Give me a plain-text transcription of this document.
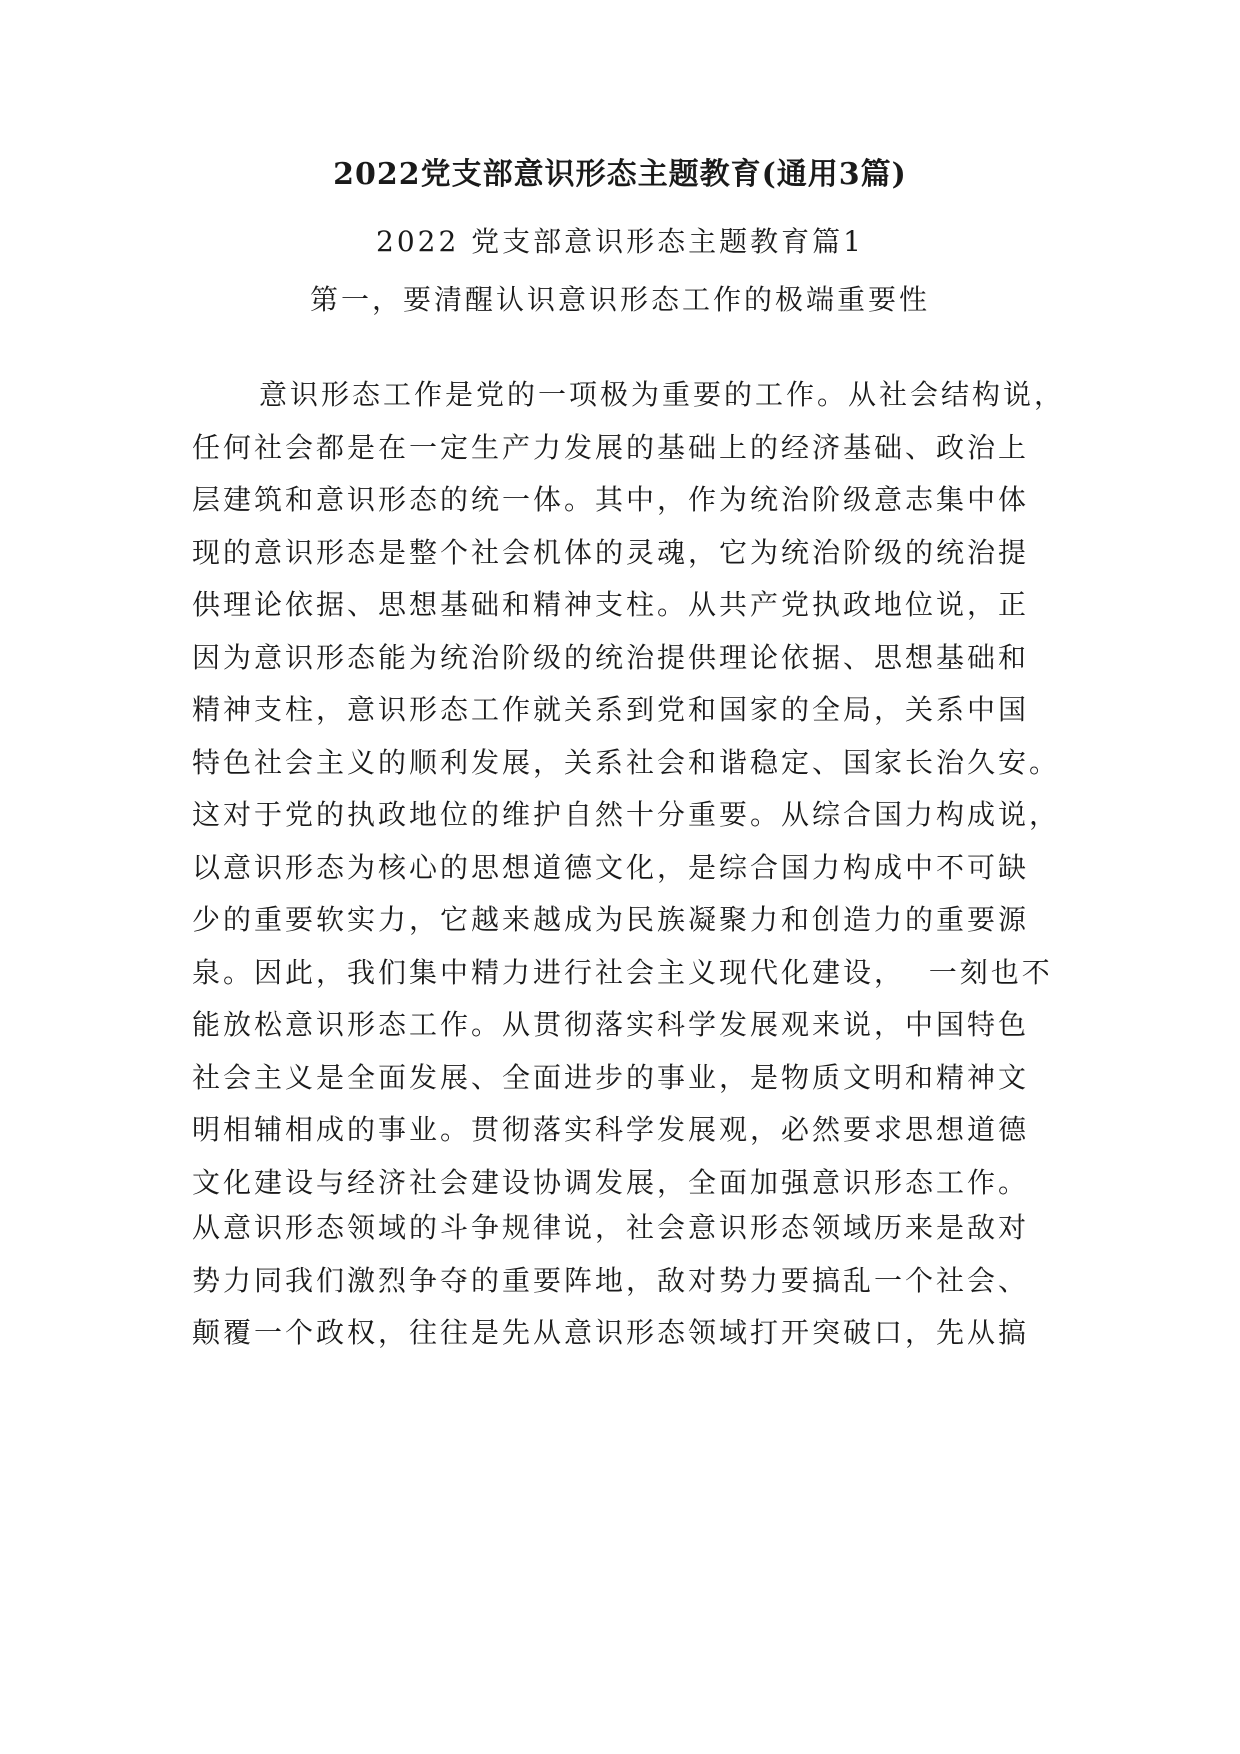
2022党支部意识形态主题教育(通用3篇)
2022 党支部意识形态主题教育篇1
第一，要清醒认识意识形态工作的极端重要性
意识形态工作是党的一项极为重要的工作。从社会结构说，
任何社会都是在一定生产力发展的基础上的经济基础、政治上
层建筑和意识形态的统一体。其中，作为统治阶级意志集中体
现的意识形态是整个社会机体的灵魂，它为统治阶级的统治提
供理论依据、思想基础和精神支柱。从共产党执政地位说，正
因为意识形态能为统治阶级的统治提供理论依据、思想基础和
精神支柱，意识形态工作就关系到党和国家的全局，关系中国
特色社会主义的顺利发展，关系社会和谐稳定、国家长治久安。
这对于党的执政地位的维护自然十分重要。从综合国力构成说，
以意识形态为核心的思想道德文化，是综合国力构成中不可缺
少的重要软实力，它越来越成为民族凝聚力和创造力的重要源
泉。因此，我们集中精力进行社会主义现代化建设，  一刻也不
能放松意识形态工作。从贯彻落实科学发展观来说，中国特色
社会主义是全面发展、全面进步的事业，是物质文明和精神文
明相辅相成的事业。贯彻落实科学发展观，必然要求思想道德
文化建设与经济社会建设协调发展，全面加强意识形态工作。
从意识形态领域的斗争规律说，社会意识形态领域历来是敌对
势力同我们激烈争夺的重要阵地，敌对势力要搞乱一个社会、
颠覆一个政权，往往是先从意识形态领域打开突破口，先从搞
